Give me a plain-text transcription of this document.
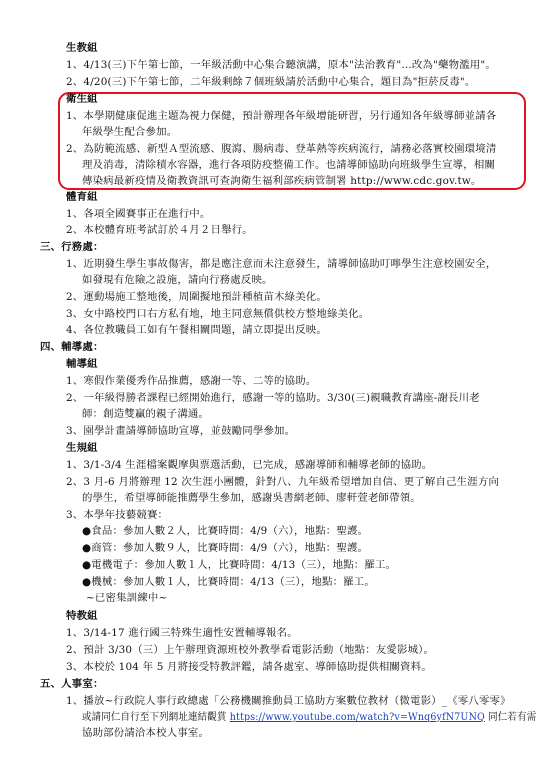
生教組
1、4/13(三)下午第七節，一年級活動中心集合聽演講，原本"法治教育"...改為"藥物濫用"。
2、4/20(三)下午第七節，二年級剩餘７個班級請於活動中心集合，題目為"拒菸反毒"。
衛生組
1、本學期健康促進主題為視力保健，預計辦理各年級增能研習，另行通知各年級導師並請各
年級學生配合參加。
2、為防範流感、新型Ａ型流感、腹瀉、腸病毒、登革熱等疾病流行，請務必落實校園環境清
理及消毒，清除積水容器，進行各項防疫整備工作。也請導師協助向班級學生宣導，相關
傳染病最新疫情及衛教資訊可查詢衛生福利部疾病管制署 http://www.cdc.gov.tw。
體育組
1、各項全國賽事正在進行中。
2、本校體育班考試訂於４月２日舉行。
三、行務處：
1、近期發生學生事故傷害，都是應注意而未注意發生，請導師協助叮嚀學生注意校園安全，
如發現有危險之設施，請向行務處反映。
2、運動場施工整地後，周圍擬地預計種植苗木綠美化。
3、女中路校門口右方私有地，地主同意無償供校方整地綠美化。
4、各位教職員工如有午餐相關問題，請立即提出反映。
四、輔導處：
輔導組
1、寒假作業優秀作品推薦，感謝一等、二等的協助。
2、一年級得勝者課程已經開始進行，感謝一等的協助。3/30(三)親職教育講座-謝長川老
師：創造雙贏的親子溝通。
3、園學計畫請導師協助宣導，並鼓勵同學參加。
生規組
1、3/1-3/4 生涯檔案觀摩與票選活動，已完成，感謝導師和輔導老師的協助。
2、3 月-6 月將辦理 12 次生涯小團體，針對八、九年級希望增加自信、更了解自己生涯方向
的學生，希望導師能推薦學生參加，感謝吳書網老師、廖軒萱老師帶領。
3、本學年技藝競賽：
●食品：參加人數２人，比賽時間：4/9（六），地點：聖護。
●商管：參加人數９人，比賽時間：4/9（六），地點：聖護。
●電機電子：參加人數１人，比賽時間：4/13（三），地點：羅工。
●機械：參加人數１人，比賽時間：4/13（三），地點：羅工。
~已密集訓練中~
特教組
1、3/14-17 進行國三特殊生適性安置輔導報名。
2、預計 3/30（三）上午辦理資源班校外教學看電影活動（地點：友愛影城）。
3、本校於 104 年 5 月將接受特教評鑑，請各處室、導師協助提供相關資料。
五、人事室：
1、播放~行政院人事行政總處「公務機關推動員工協助方案數位教材（微電影）_《零八零零》
或請同仁自行至下列網址連結觀賞 https://www.youtube.com/watch?v=Wnq6yfN7UNQ 同仁若有需
協助部份請洽本校人事室。
